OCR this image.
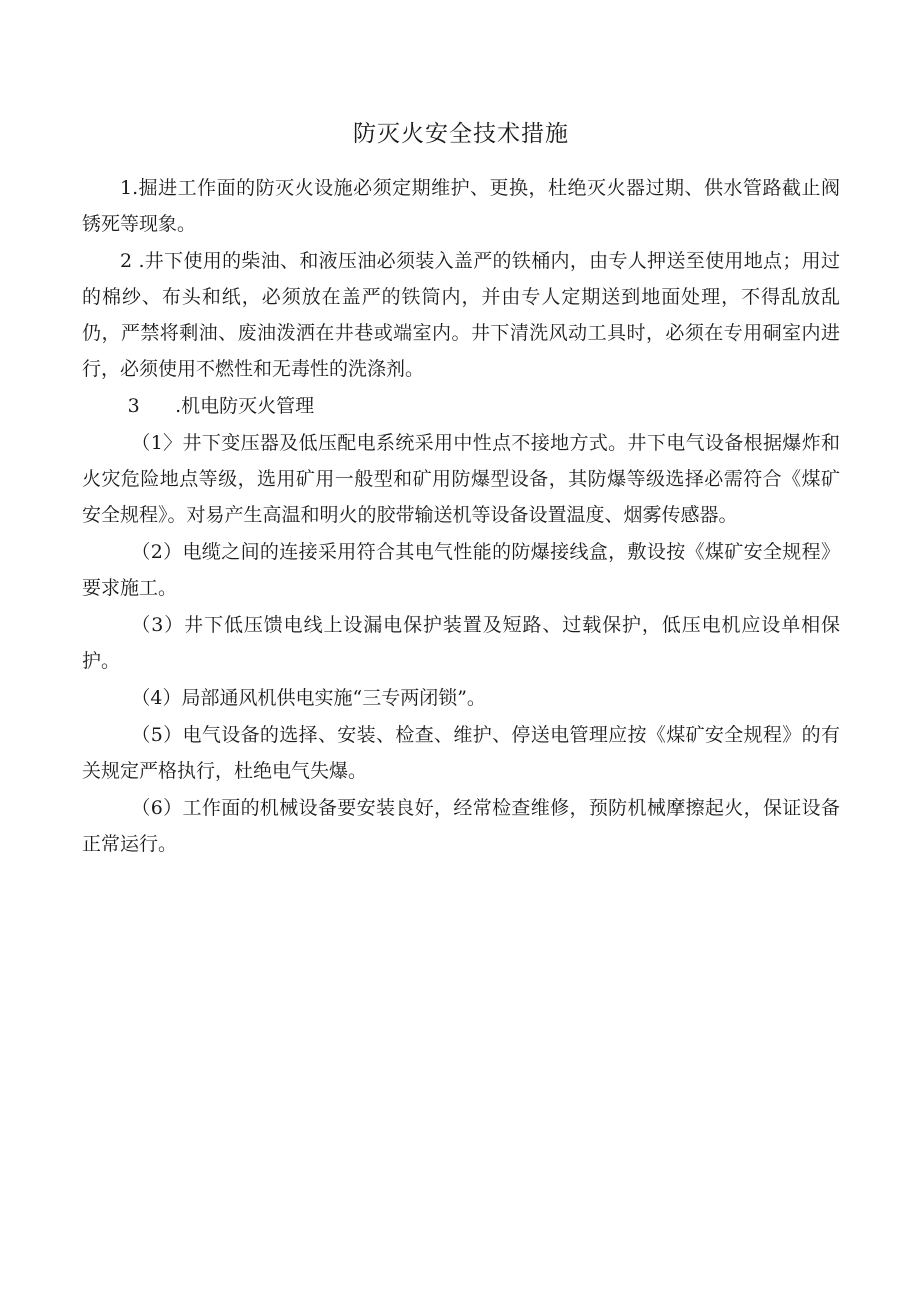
防灭火安全技术措施

1.掘进工作面的防灭火设施必须定期维护、更换，杜绝灭火器过期、供水管路截止阀锈死等现象。

2 .井下使用的柴油、和液压油必须装入盖严的铁桶内，由专人押送至使用地点；用过的棉纱、布头和纸，必须放在盖严的铁筒内，并由专人定期送到地面处理，不得乱放乱仍，严禁将剩油、废油泼洒在井巷或端室内。井下清洗风动工具时，必须在专用硐室内进行，必须使用不燃性和无毒性的洗涤剂。

3 .机电防灭火管理

（1〉井下变压器及低压配电系统采用中性点不接地方式。井下电气设备根据爆炸和火灾危险地点等级，选用矿用一般型和矿用防爆型设备，其防爆等级选择必需符合《煤矿安全规程》。对易产生高温和明火的胶带输送机等设备设置温度、烟雾传感器。

（2）电缆之间的连接采用符合其电气性能的防爆接线盒，敷设按《煤矿安全规程》要求施工。

（3）井下低压馈电线上设漏电保护装置及短路、过载保护，低压电机应设单相保护。

（4）局部通风机供电实施“三专两闭锁”。

（5）电气设备的选择、安装、检查、维护、停送电管理应按《煤矿安全规程》的有关规定严格执行，杜绝电气失爆。

（6）工作面的机械设备要安装良好，经常检查维修，预防机械摩擦起火，保证设备正常运行。
